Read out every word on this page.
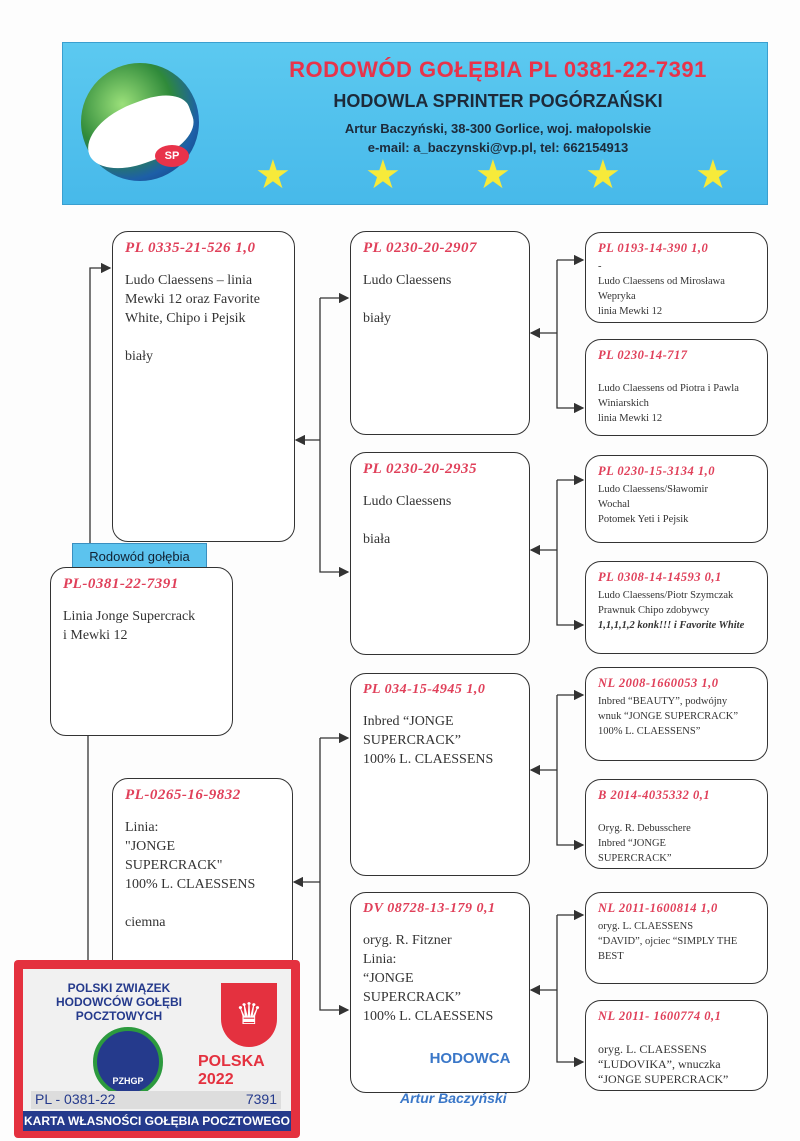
SP
RODOWÓD GOŁĘBIA PL 0381-22-7391
HODOWLA SPRINTER POGÓRZAŃSKI
Artur Baczyński, 38-300 Gorlice, woj. małopolskie
e-mail: a_baczynski@vp.pl, tel: 662154913
★ ★ ★ ★ ★
PL 0335-21-526 1,0
Ludo Claessens – linia Mewki 12 oraz Favorite White, Chipo i Pejsik

biały
Rodowód gołębia
PL-0381-22-7391
Linia Jonge Supercrack
i Mewki 12
PL-0265-16-9832
Linia:
"JONGE
SUPERCRACK"
100% L. CLAESSENS

ciemna
PL 0230-20-2907
Ludo Claessens

biały
PL 0230-20-2935
Ludo Claessens

biała
PL 034-15-4945 1,0
Inbred “JONGE
SUPERCRACK”
100% L. CLAESSENS
DV 08728-13-179 0,1
oryg. R. Fitzner
Linia:
“JONGE
SUPERCRACK”
100% L. CLAESSENS
PL 0193-14-390 1,0
-
Ludo Claessens od Mirosława
Wepryka
linia Mewki 12
PL 0230-14-717

Ludo Claessens od Piotra i Pawla
Winiarskich
linia Mewki 12
PL 0230-15-3134 1,0
Ludo Claessens/Sławomir
Wochal
Potomek Yeti i Pejsik
PL 0308-14-14593 0,1
Ludo Claessens/Piotr Szymczak
Prawnuk Chipo zdobywcy
1,1,1,1,2 konk!!! i Favorite White
NL 2008-1660053 1,0
Inbred “BEAUTY”, podwójny
wnuk “JONGE SUPERCRACK”
100% L. CLAESSENS”
B 2014-4035332 0,1

Oryg. R. Debusschere
Inbred “JONGE
SUPERCRACK”
NL 2011-1600814 1,0
oryg. L. CLAESSENS
“DAVID”, ojciec “SIMPLY THE
BEST
NL 2011- 1600774 0,1

oryg. L. CLAESSENS
“LUDOVIKA”, wnuczka
“JONGE SUPERCRACK”
HODOWCA
Artur Baczyński
POLSKI ZWIĄZEK HODOWCÓW GOŁĘBI POCZTOWYCH
PZHGP
♛
POLSKA 2022
PL - 0381-22	7391
KARTA WŁASNOŚCI GOŁĘBIA POCZTOWEGO
